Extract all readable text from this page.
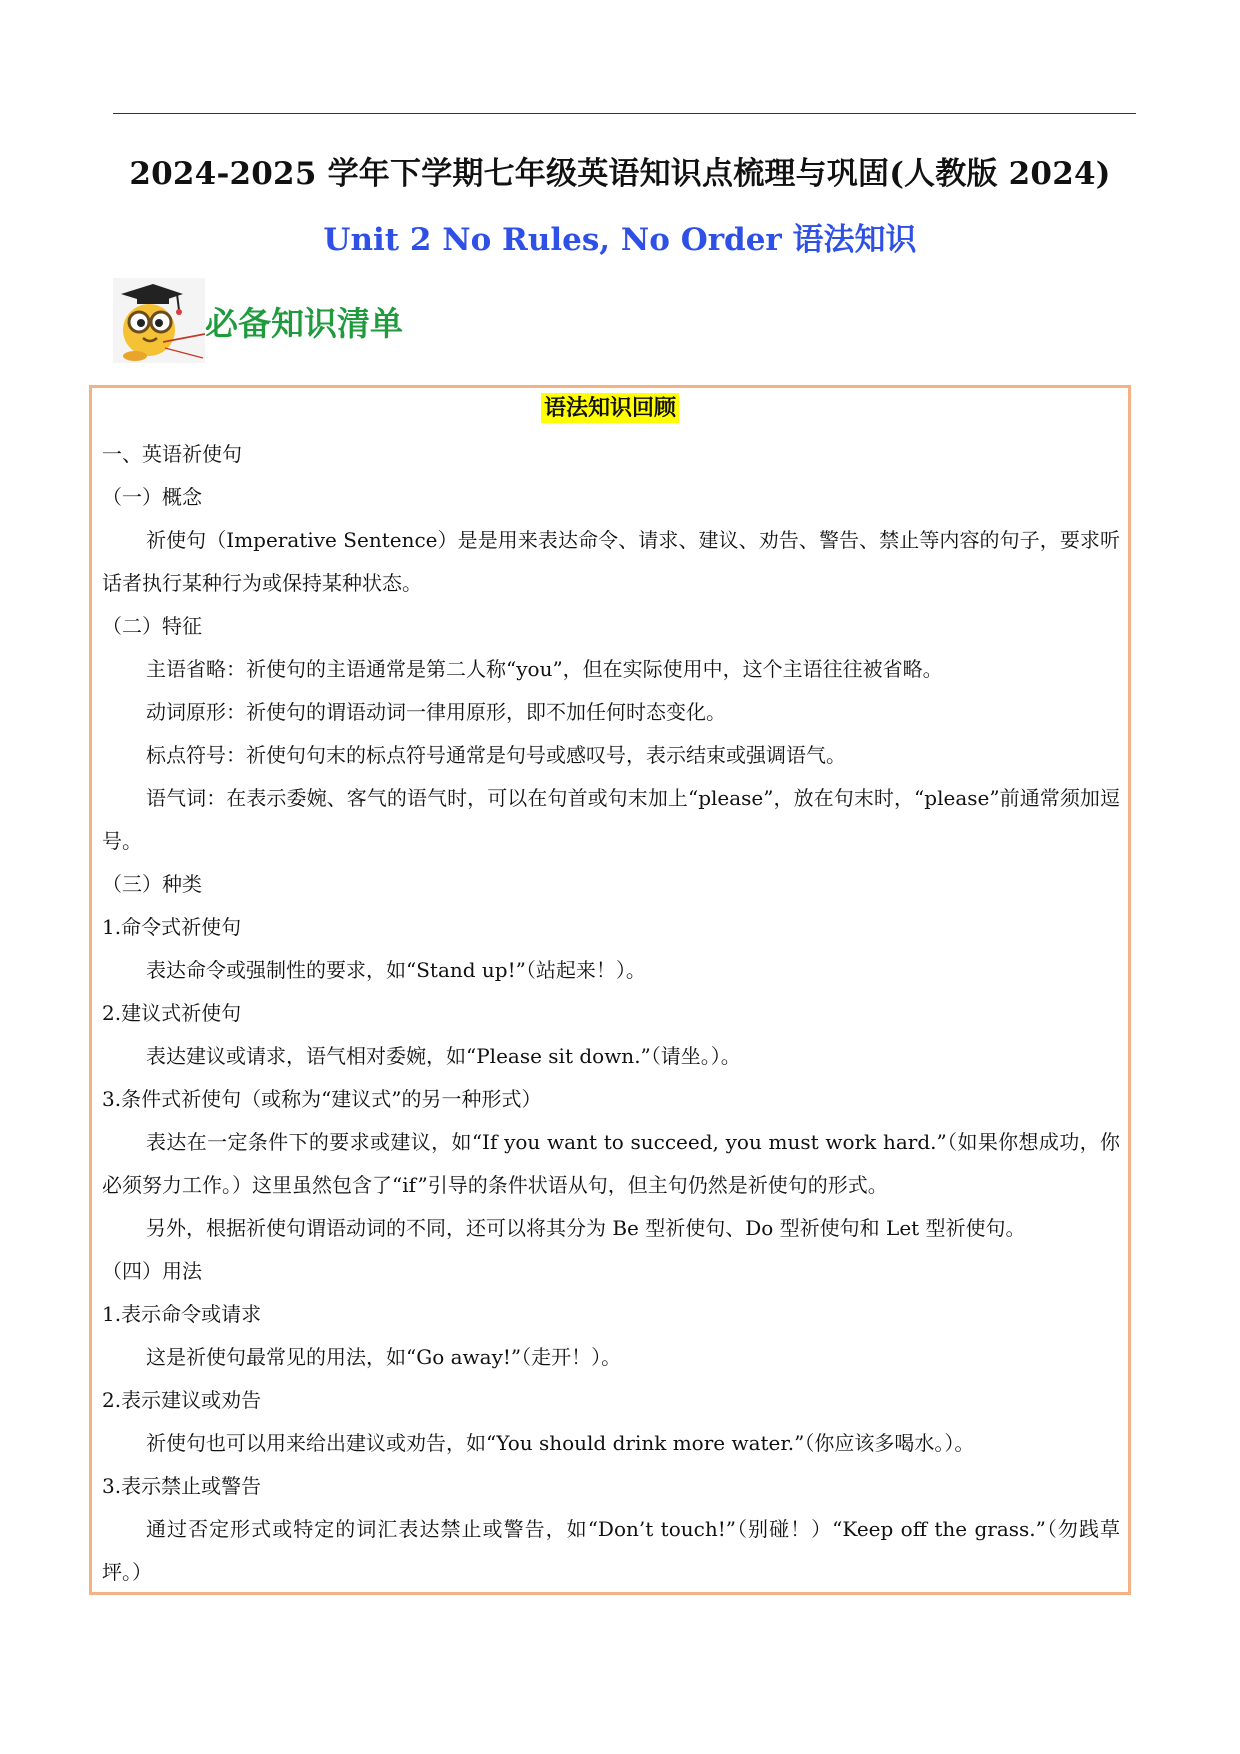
2024-2025 学年下学期七年级英语知识点梳理与巩固(人教版 2024)
Unit 2 No Rules, No Order 语法知识
必备知识清单
语法知识回顾
一、英语祈使句
（一）概念
祈使句（Imperative Sentence）是是用来表达命令、请求、建议、劝告、警告、禁止等内容的句子，要求听话者执行某种行为或保持某种状态。
（二）特征
主语省略：祈使句的主语通常是第二人称“you”，但在实际使用中，这个主语往往被省略。
动词原形：祈使句的谓语动词一律用原形，即不加任何时态变化。
标点符号：祈使句句末的标点符号通常是句号或感叹号，表示结束或强调语气。
语气词：在表示委婉、客气的语气时，可以在句首或句末加上“please”，放在句末时，“please”前通常须加逗号。
（三）种类
1.命令式祈使句
表达命令或强制性的要求，如“Stand up!”（站起来！）。
2.建议式祈使句
表达建议或请求，语气相对委婉，如“Please sit down.”（请坐。）。
3.条件式祈使句（或称为“建议式”的另一种形式）
表达在一定条件下的要求或建议，如“If you want to succeed, you must work hard.”（如果你想成功，你必须努力工作。）这里虽然包含了“if”引导的条件状语从句，但主句仍然是祈使句的形式。
另外，根据祈使句谓语动词的不同，还可以将其分为 Be 型祈使句、Do 型祈使句和 Let 型祈使句。
（四）用法
1.表示命令或请求
这是祈使句最常见的用法，如“Go away!”（走开！）。
2.表示建议或劝告
祈使句也可以用来给出建议或劝告，如“You should drink more water.”（你应该多喝水。）。
3.表示禁止或警告
通过否定形式或特定的词汇表达禁止或警告，如“Don’t touch!”（别碰！）“Keep off the grass.”（勿践草坪。）
